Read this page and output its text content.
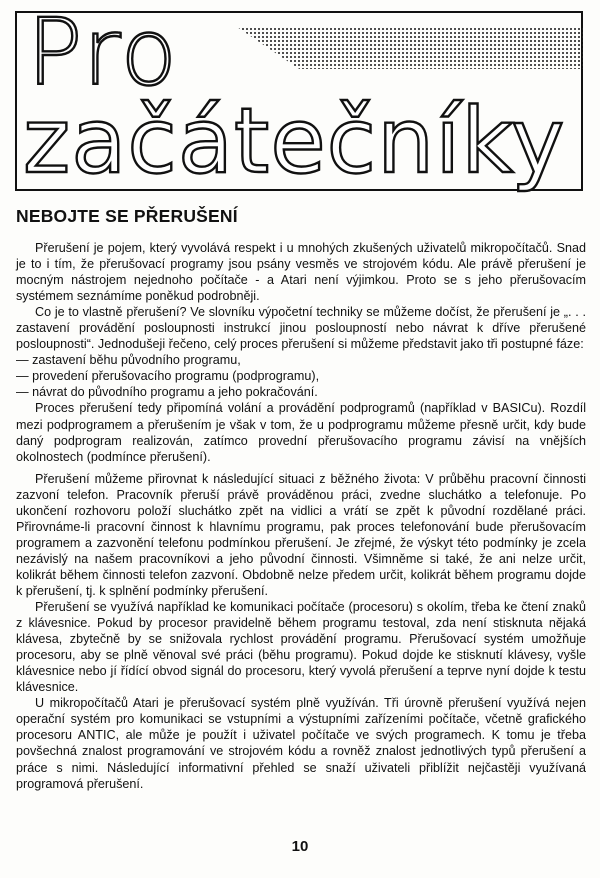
Pro
začátečníky
NEBOJTE SE PŘERUŠENÍ

Přerušení je pojem, který vyvolává respekt i u mnohých zkušených uživatelů mikropočítačů. Snad je to i tím, že přerušovací programy jsou psány vesměs ve strojovém kódu. Ale právě přerušení je mocným nástrojem nejednoho počítače - a Atari není výjimkou. Proto se s jeho přerušovacím systémem seznámíme poněkud podrobněji.

Co je to vlastně přerušení? Ve slovníku výpočetní techniky se můžeme dočíst, že přerušení je „. . . zastavení provádění posloupnosti instrukcí jinou posloupností nebo návrat k dříve přerušené posloupnosti“. Jednodušeji řečeno, celý proces přerušení si můžeme představit jako tři postupné fáze:

— zastavení běhu původního programu,
— provedení přerušovacího programu (podprogramu),
— návrat do původního programu a jeho pokračování.

Proces přerušení tedy připomíná volání a provádění podprogramů (například v BASICu). Rozdíl mezi podprogramem a přerušením je však v tom, že u podprogramu můžeme přesně určit, kdy bude daný podprogram realizován, zatímco provední přerušovacího programu závisí na vnějších okolnostech (podmínce přerušení).

Přerušení můžeme přirovnat k následující situaci z běžného života: V průběhu pracovní činnosti zazvoní telefon. Pracovník přeruší právě prováděnou práci, zvedne sluchátko a telefonuje. Po ukončení rozhovoru položí sluchátko zpět na vidlici a vrátí se zpět k původní rozdělané práci. Přirovnáme-li pracovní činnost k hlavnímu programu, pak proces telefonování bude přerušovacím programem a zazvonění telefonu podmínkou přerušení. Je zřejmé, že výskyt této podmínky je zcela nezávislý na našem pracovníkovi a jeho původní činnosti. Všimněme si také, že ani nelze určit, kolikrát během činnosti telefon zazvoní. Obdobně nelze předem určit, kolikrát během programu dojde k přerušení, tj. k splnění podmínky přerušení.

Přerušení se využívá například ke komunikaci počítače (procesoru) s okolím, třeba ke čtení znaků z klávesnice. Pokud by procesor pravidelně během programu testoval, zda není stisknuta nějaká klávesa, zbytečně by se snižovala rychlost provádění programu. Přerušovací systém umožňuje procesoru, aby se plně věnoval své práci (běhu programu). Pokud dojde ke stisknutí klávesy, vyšle klávesnice nebo jí řídící obvod signál do procesoru, který vyvolá přerušení a teprve nyní dojde k testu klávesnice.

U mikropočítačů Atari je přerušovací systém plně využíván. Tři úrovně přerušení využívá nejen operační systém pro komunikaci se vstupními a výstupními zařízeními počítače, včetně grafického procesoru ANTIC, ale může je použít i uživatel počítače ve svých programech. K tomu je třeba povšechná znalost programování ve strojovém kódu a rovněž znalost jednotlivých typů přerušení a práce s nimi. Následující informativní přehled se snaží uživateli přiblížit nejčastěji využívaná programová přerušení.

10
